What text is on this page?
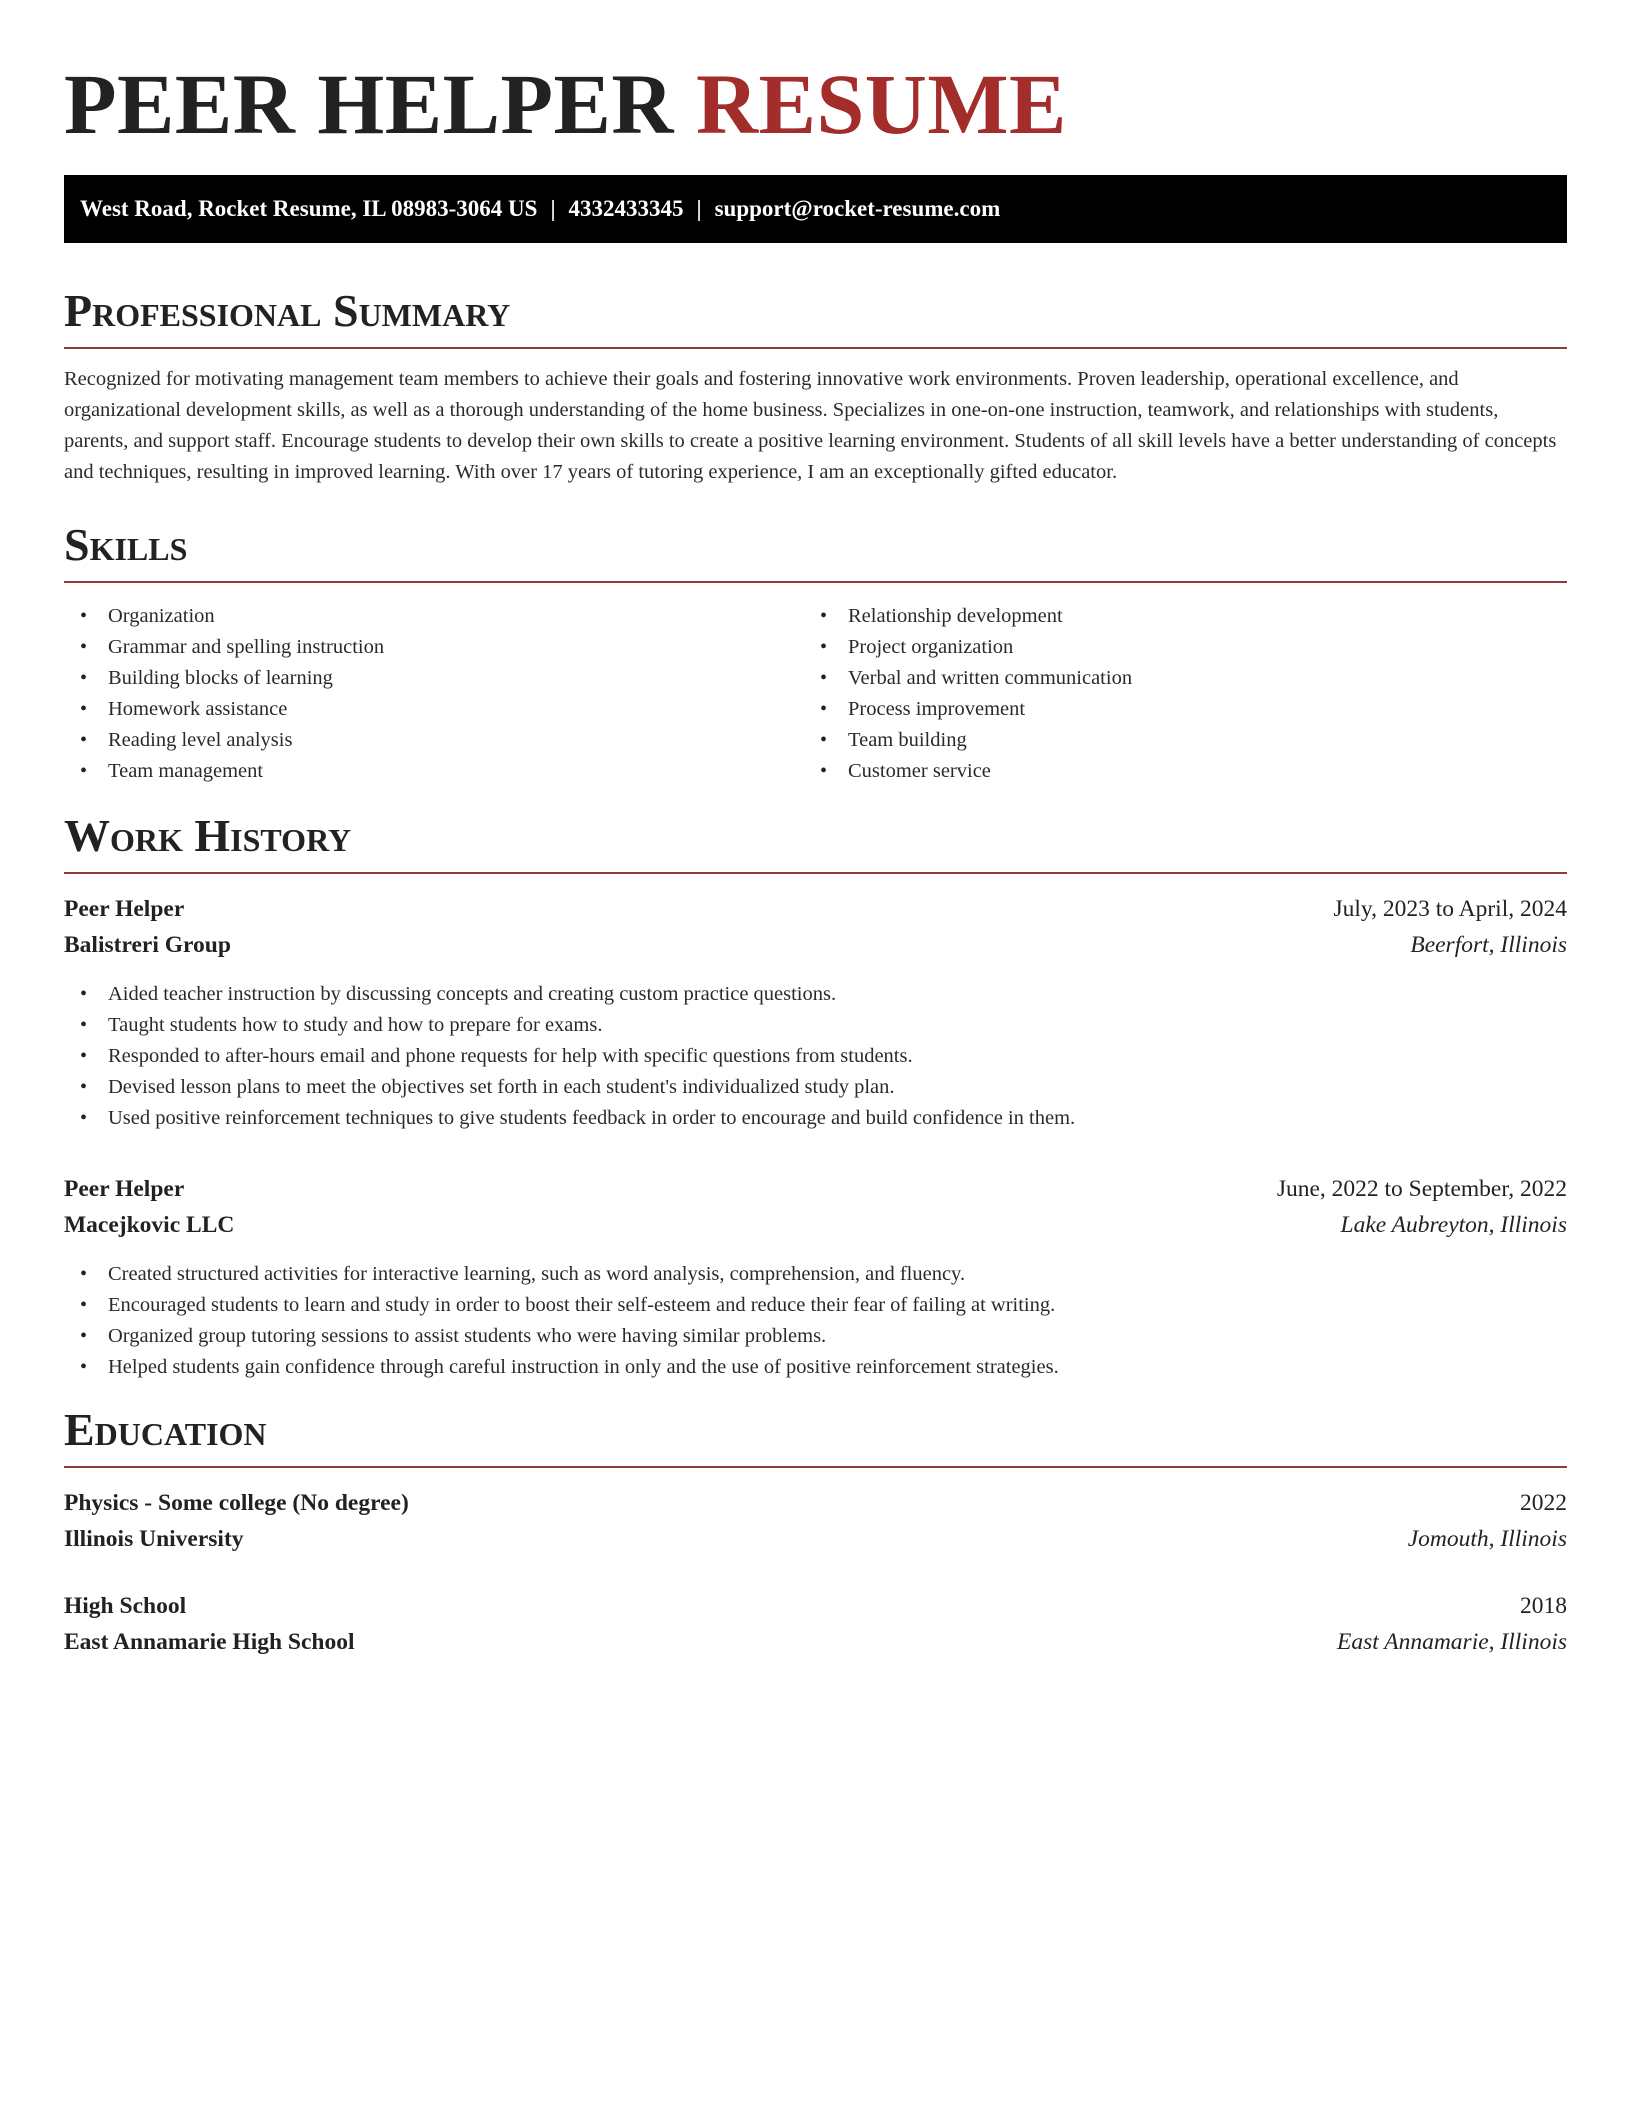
PEER HELPER RESUME
West Road, Rocket Resume, IL 08983-3064 US | 4332433345 | support@rocket-resume.com
Professional Summary

Recognized for motivating management team members to achieve their goals and fostering innovative work environments. Proven leadership, operational excellence, and organizational development skills, as well as a thorough understanding of the home business. Specializes in one-on-one instruction, teamwork, and relationships with students, parents, and support staff. Encourage students to develop their own skills to create a positive learning environment. Students of all skill levels have a better understanding of concepts and techniques, resulting in improved learning. With over 17 years of tutoring experience, I am an exceptionally gifted educator.

Skills
• Organization
• Grammar and spelling instruction
• Building blocks of learning
• Homework assistance
• Reading level analysis
• Team management
• Relationship development
• Project organization
• Verbal and written communication
• Process improvement
• Team building
• Customer service
Work History
Peer Helper	July, 2023 to April, 2024
Balistreri Group	Beerfort, Illinois
• Aided teacher instruction by discussing concepts and creating custom practice questions.
• Taught students how to study and how to prepare for exams.
• Responded to after-hours email and phone requests for help with specific questions from students.
• Devised lesson plans to meet the objectives set forth in each student's individualized study plan.
• Used positive reinforcement techniques to give students feedback in order to encourage and build confidence in them.
Peer Helper	June, 2022 to September, 2022
Macejkovic LLC	Lake Aubreyton, Illinois
• Created structured activities for interactive learning, such as word analysis, comprehension, and fluency.
• Encouraged students to learn and study in order to boost their self-esteem and reduce their fear of failing at writing.
• Organized group tutoring sessions to assist students who were having similar problems.
• Helped students gain confidence through careful instruction in only and the use of positive reinforcement strategies.
Education
Physics - Some college (No degree)	2022
Illinois University	Jomouth, Illinois
High School	2018
East Annamarie High School	East Annamarie, Illinois
